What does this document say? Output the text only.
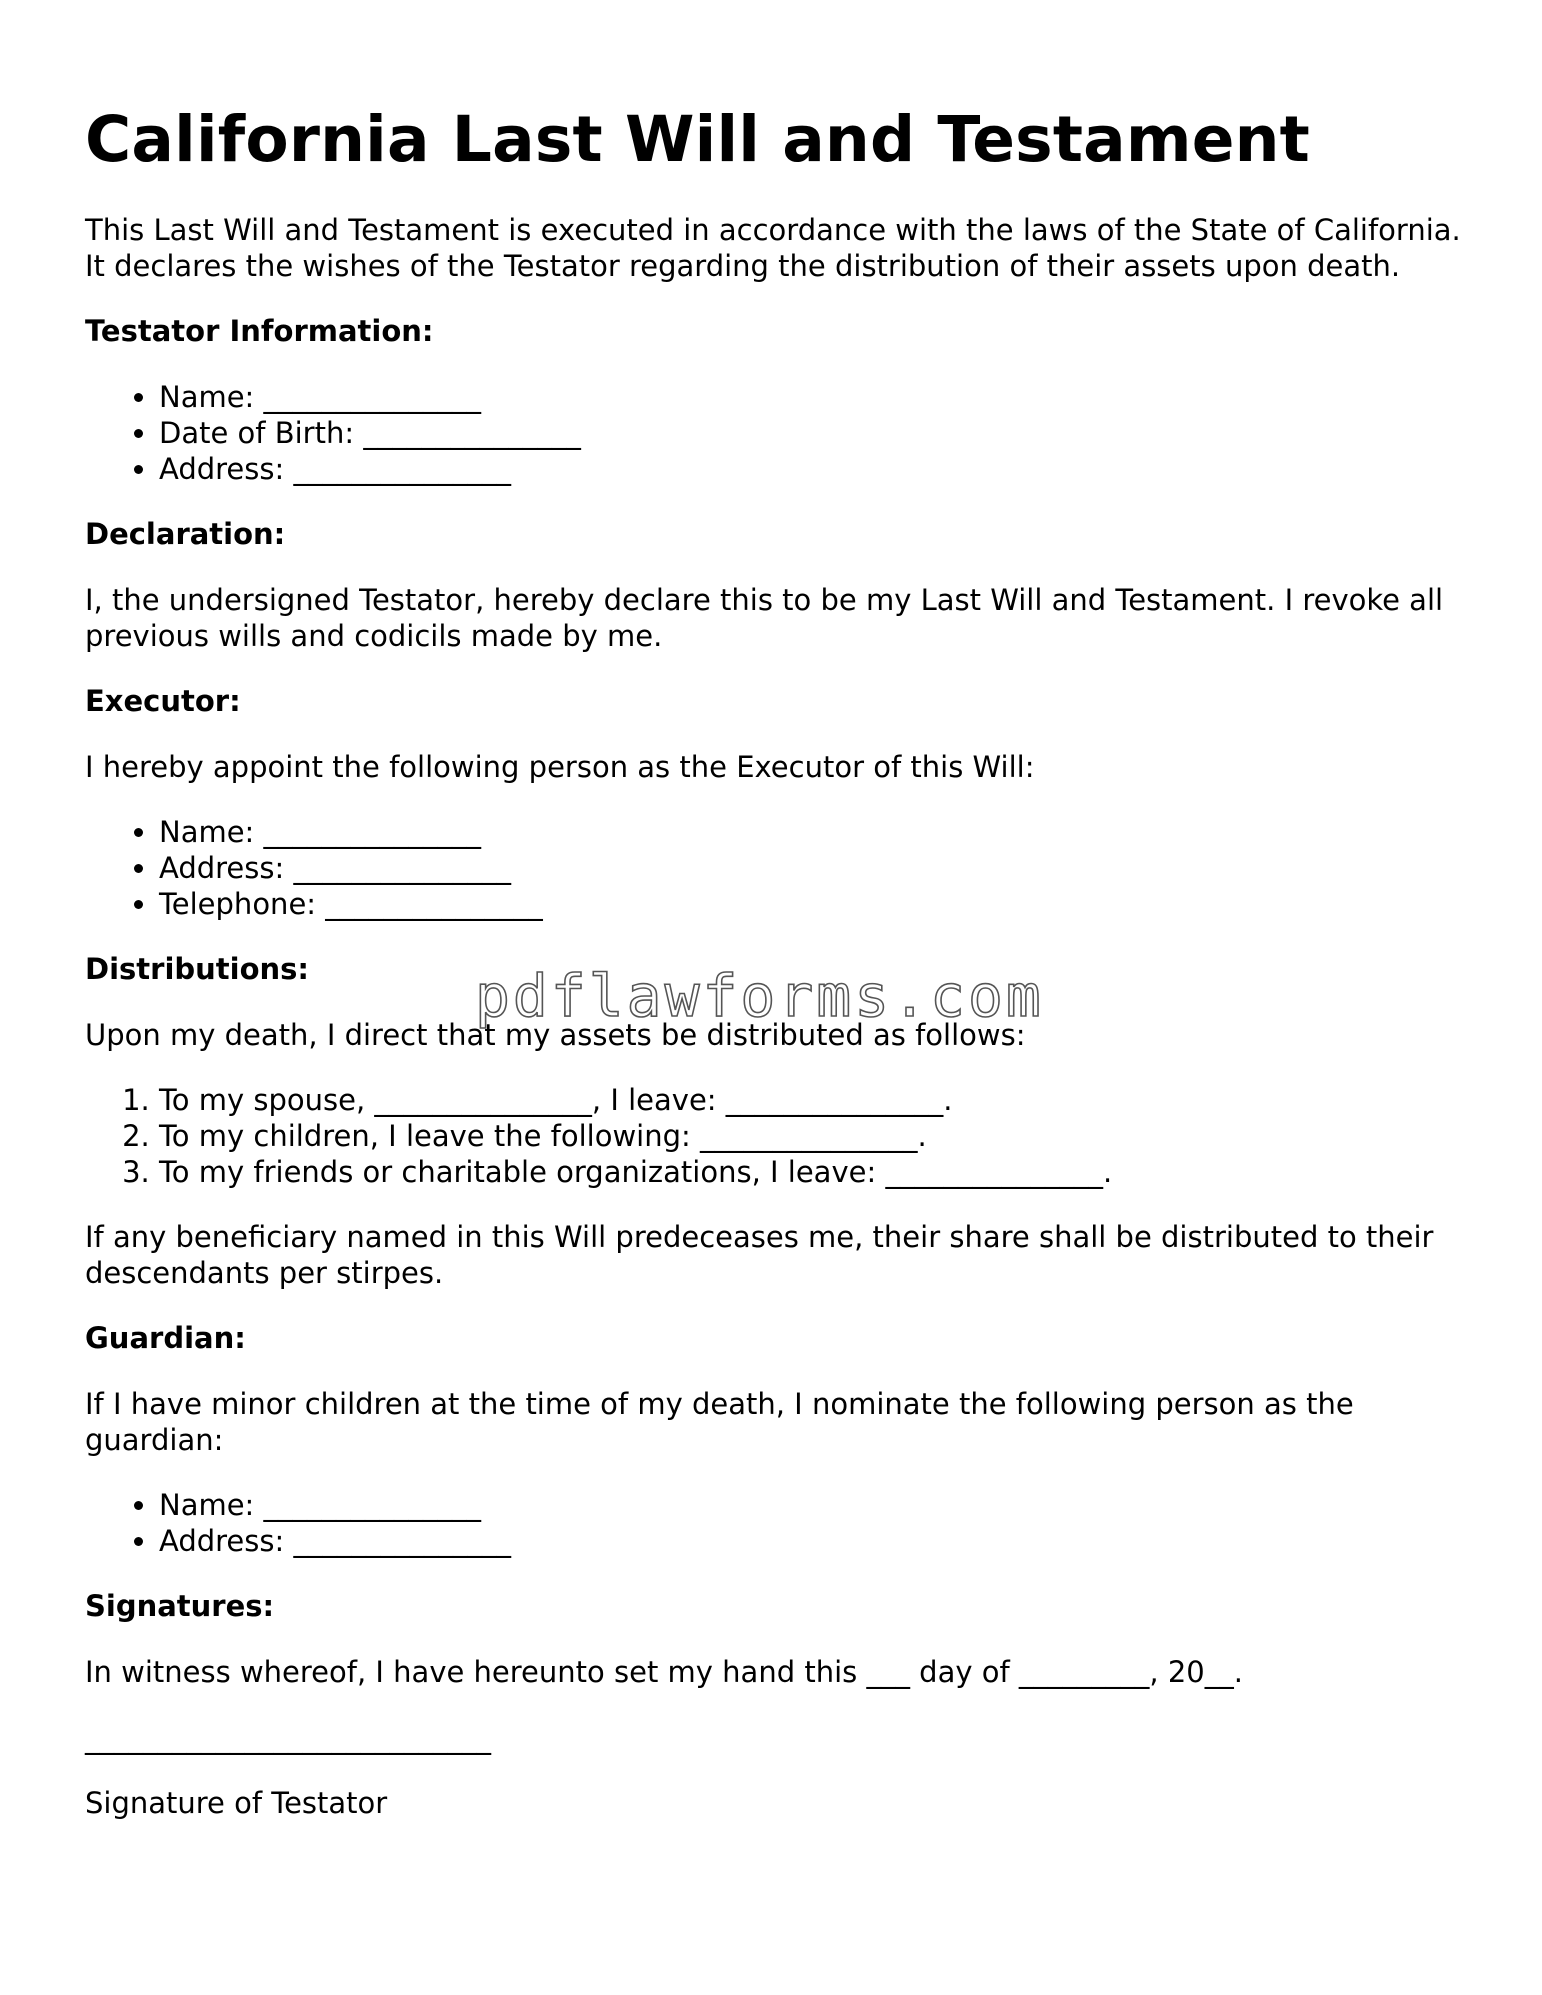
California Last Will and Testament

This Last Will and Testament is executed in accordance with the laws of the State of California. It declares the wishes of the Testator regarding the distribution of their assets upon death.

Testator Information:
• Name: _______________
• Date of Birth: _______________
• Address: _______________
Declaration:

I, the undersigned Testator, hereby declare this to be my Last Will and Testament. I revoke all previous wills and codicils made by me.

Executor:

I hereby appoint the following person as the Executor of this Will:

• Name: _______________
• Address: _______________
• Telephone: _______________
Distributions:

Upon my death, I direct that my assets be distributed as follows:

1. To my spouse, _______________, I leave: _______________.
2. To my children, I leave the following: _______________.
3. To my friends or charitable organizations, I leave: _______________.

If any beneficiary named in this Will predeceases me, their share shall be distributed to their descendants per stirpes.

Guardian:

If I have minor children at the time of my death, I nominate the following person as the guardian:

• Name: _______________
• Address: _______________
Signatures:

In witness whereof, I have hereunto set my hand this ___ day of _________, 20__.

____________________________

Signature of Testator

pdflawforms.com
